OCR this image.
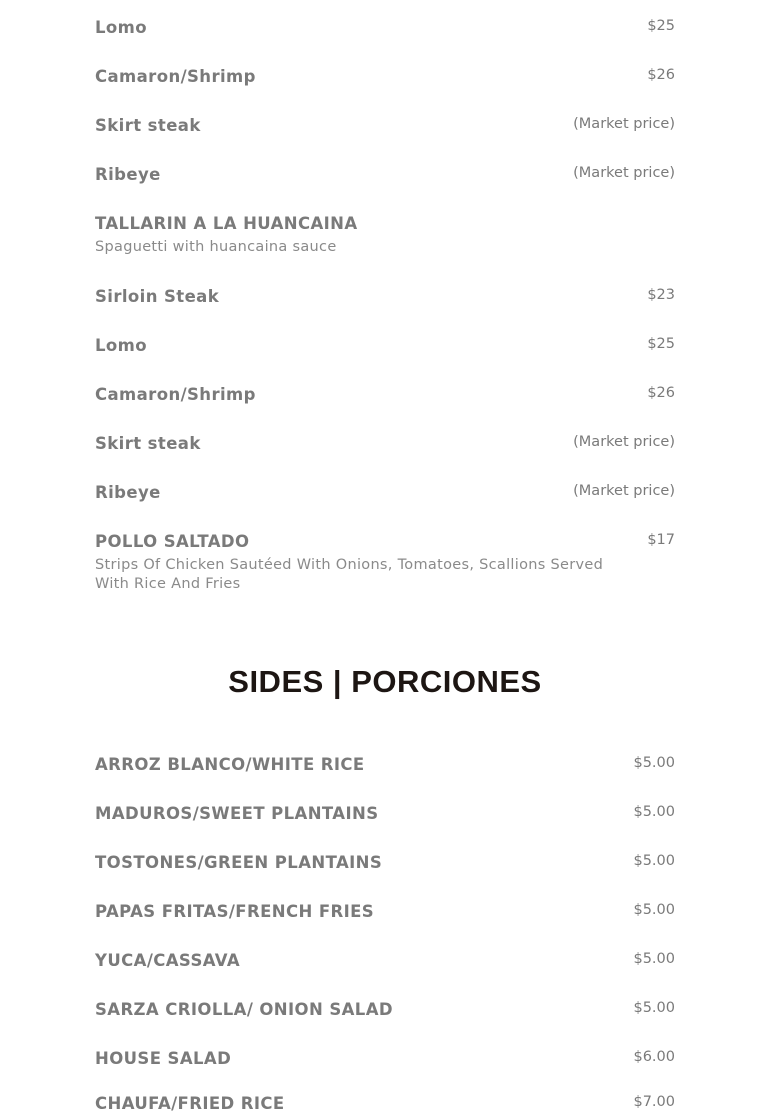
Lomo	$25
Camaron/Shrimp	$26
Skirt steak	(Market price)
Ribeye	(Market price)
TALLARIN A LA HUANCAINA
Spaguetti with huancaina sauce
Sirloin Steak	$23
Lomo	$25
Camaron/Shrimp	$26
Skirt steak	(Market price)
Ribeye	(Market price)
POLLO SALTADO	$17
Strips Of Chicken Sautéed With Onions, Tomatoes, Scallions Served With Rice And Fries
ARROZ BLANCO/WHITE RICE	$5.00
MADUROS/SWEET PLANTAINS	$5.00
TOSTONES/GREEN PLANTAINS	$5.00
PAPAS FRITAS/FRENCH FRIES	$5.00
YUCA/CASSAVA	$5.00
SARZA CRIOLLA/ ONION SALAD	$5.00
HOUSE SALAD	$6.00
CHAUFA/FRIED RICE	$7.00
SIDES | PORCIONES
